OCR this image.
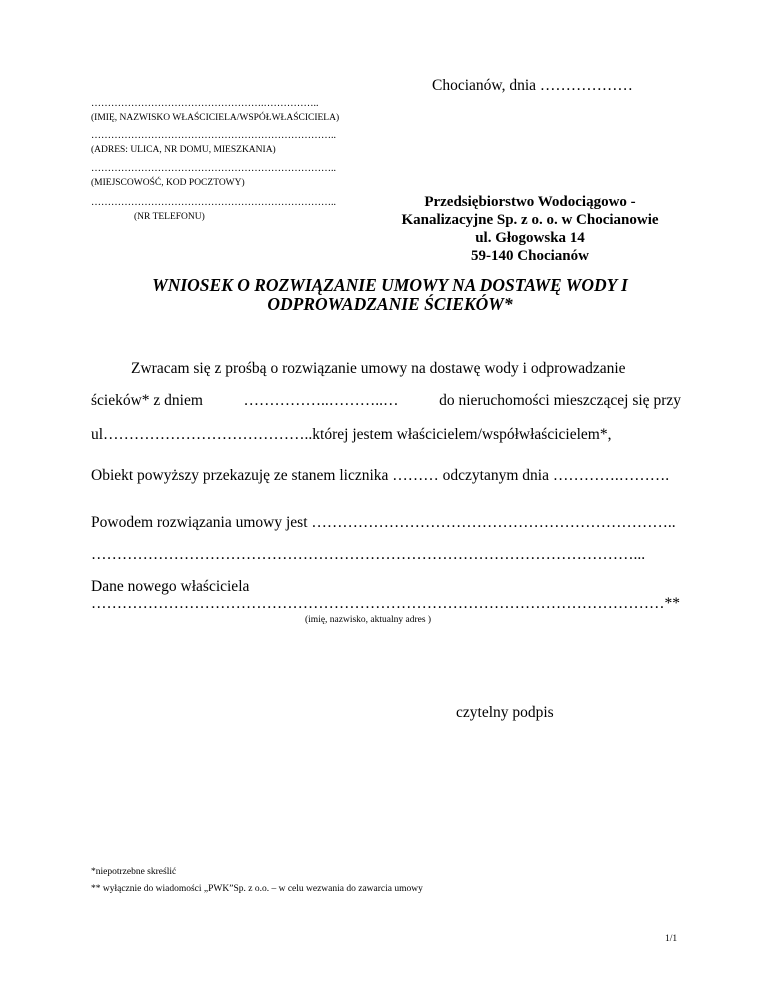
Chocianów, dnia ………………
…………………………………………….……………..
(IMIĘ, NAZWISKO WŁAŚCICIELA/WSPÓŁWŁAŚCICIELA)
………………………………………………………………..
(ADRES: ULICA, NR DOMU, MIESZKANIA)
………………………………………………………………..
(MIEJSCOWOŚĆ, KOD POCZTOWY)
………………………………………………………………..
(NR TELEFONU)
Przedsiębiorstwo Wodociągowo -
Kanalizacyjne Sp. z o. o. w Chocianowie
ul. Głogowska 14
59-140 Chocianów
WNIOSEK O ROZWIĄZANIE UMOWY NA DOSTAWĘ WODY I
ODPROWADZANIE ŚCIEKÓW*
Zwracam się z prośbą o rozwiązanie umowy na dostawę wody i odprowadzanie
ścieków* z dniem	……………..………..…	do nieruchomości mieszczącej się przy
ul…………………………………..której jestem właścicielem/współwłaścicielem*,
Obiekt powyższy przekazuję ze stanem licznika ……… odczytanym dnia ………….……….
Powodem rozwiązania umowy jest ……………………………………………………………..
……………………………………………………………………………………………...
Dane nowego właściciela
…………………………………………………………………………………………………**
(imię, nazwisko, aktualny adres )
czytelny podpis
*niepotrzebne skreślić
** wyłącznie do wiadomości „PWK”Sp. z o.o. – w celu wezwania do zawarcia umowy
1/1
